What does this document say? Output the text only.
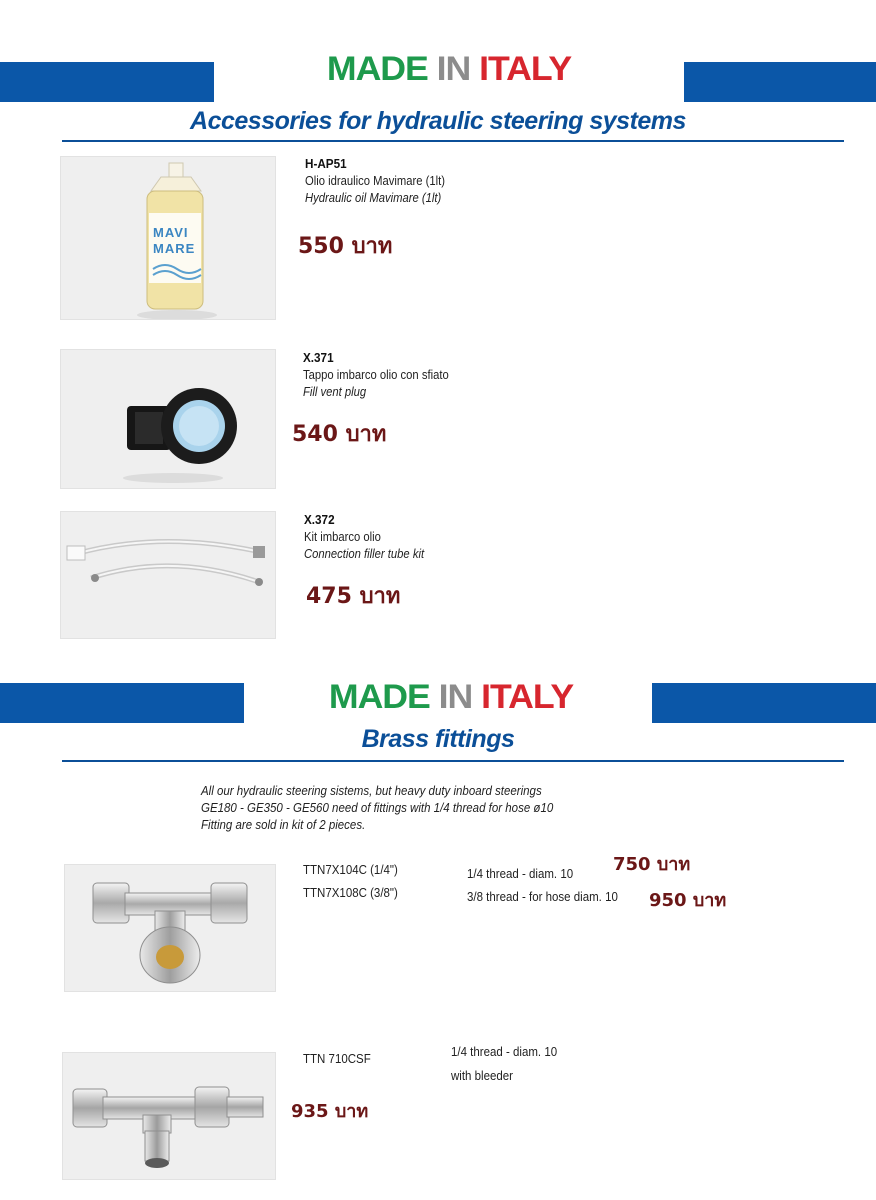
MADE IN ITALY
Accessories for hydraulic steering systems
MAVI
MARE
H-AP51
Olio idraulico Mavimare (1lt)
Hydraulic oil Mavimare (1lt)
550 บาท
X.371
Tappo imbarco olio con sfiato
Fill vent plug
540 บาท
X.372
Kit imbarco olio
Connection filler tube kit
475 บาท
MADE IN ITALY
Brass fittings
All our hydraulic steering sistems, but heavy duty inboard steerings
GE180 - GE350 - GE560 need of fittings with 1/4 thread for hose ø10
Fitting are sold in kit of 2 pieces.
TTN7X104C (1/4")
TTN7X108C (3/8")
1/4 thread - diam. 10
3/8 thread - for hose diam. 10
750 บาท
950 บาท
TTN 710CSF	1/4 thread - diam. 10
with bleeder
935 บาท
